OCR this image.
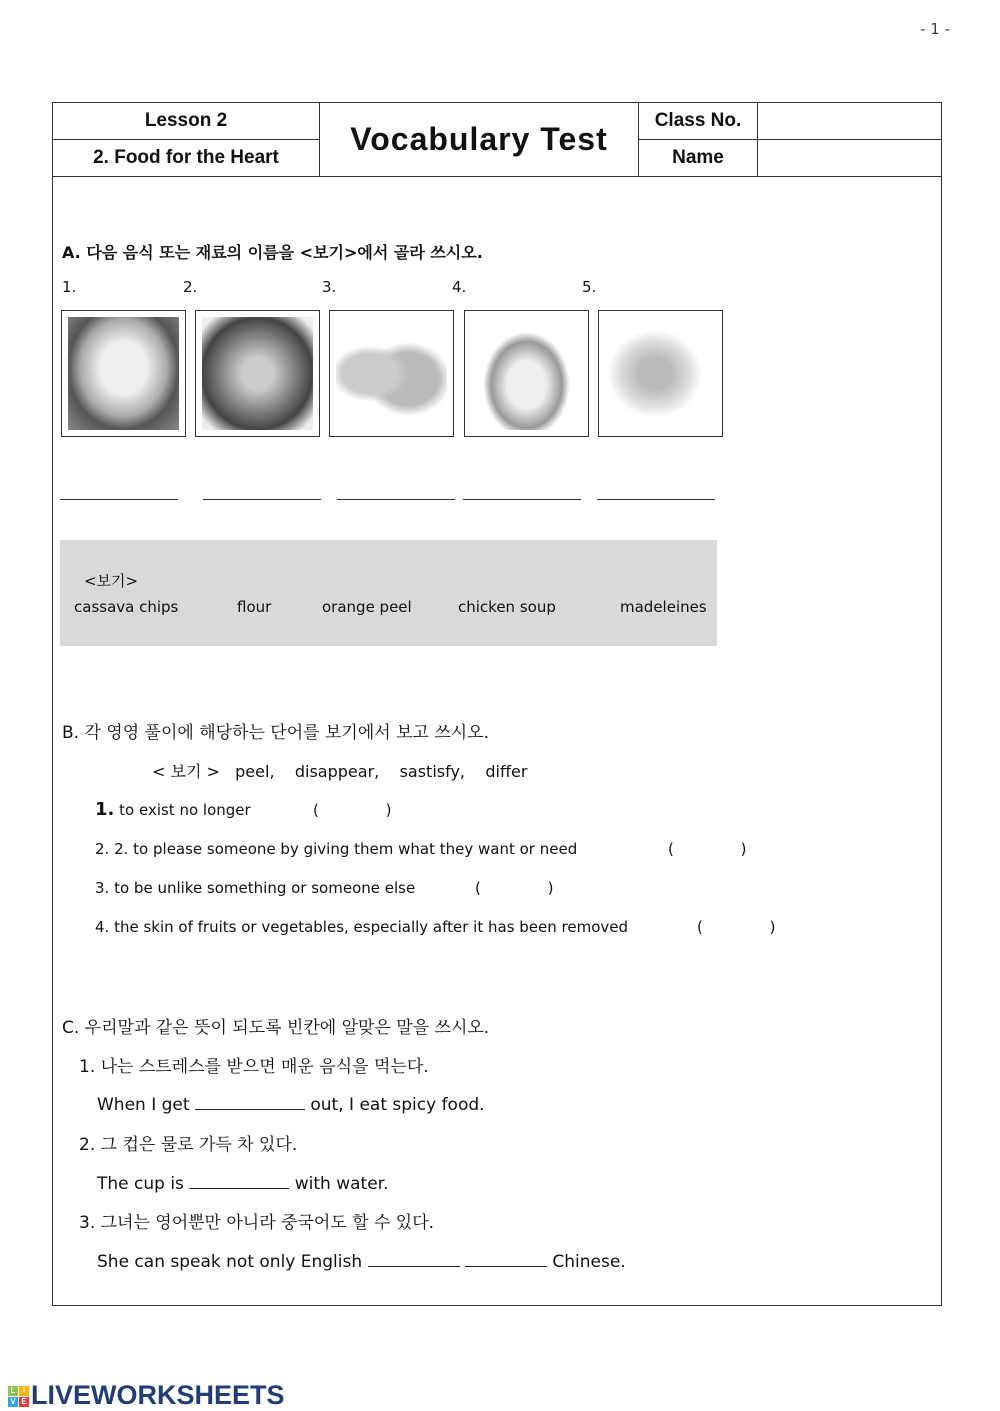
- 1 -
Lesson 2	Vocabulary Test	Class No.	
2. Food for the Heart		Name	
A. 다음 음식 또는 재료의 이름을 <보기>에서 골라 쓰시오.
1.	2.	3.	4.	5.
<보기>
cassava chips	flour	orange peel	chicken soup	madeleines
B. 각 영영 풀이에 해당하는 단어를 보기에서 보고 쓰시오.
< 보기 >   peel,    disappear,    sastisfy,    differ
1. to exist no longer	(              )
2. 2. to please someone by giving them what they want or need	(              )
3. to be unlike something or someone else	(              )
4. the skin of fruits or vegetables, especially after it has been removed	(              )
C. 우리말과 같은 뜻이 되도록 빈칸에 알맞은 말을 쓰시오.
1. 나는 스트레스를 받으면 매운 음식을 먹는다.
When I get	out, I eat spicy food.
2. 그 컵은 물로 가득 차 있다.
The cup is	with water.
3. 그녀는 영어뿐만 아니라 중국어도 할 수 있다.
She can speak not only English	Chinese.
L I
V E LIVEWORKSHEETS
